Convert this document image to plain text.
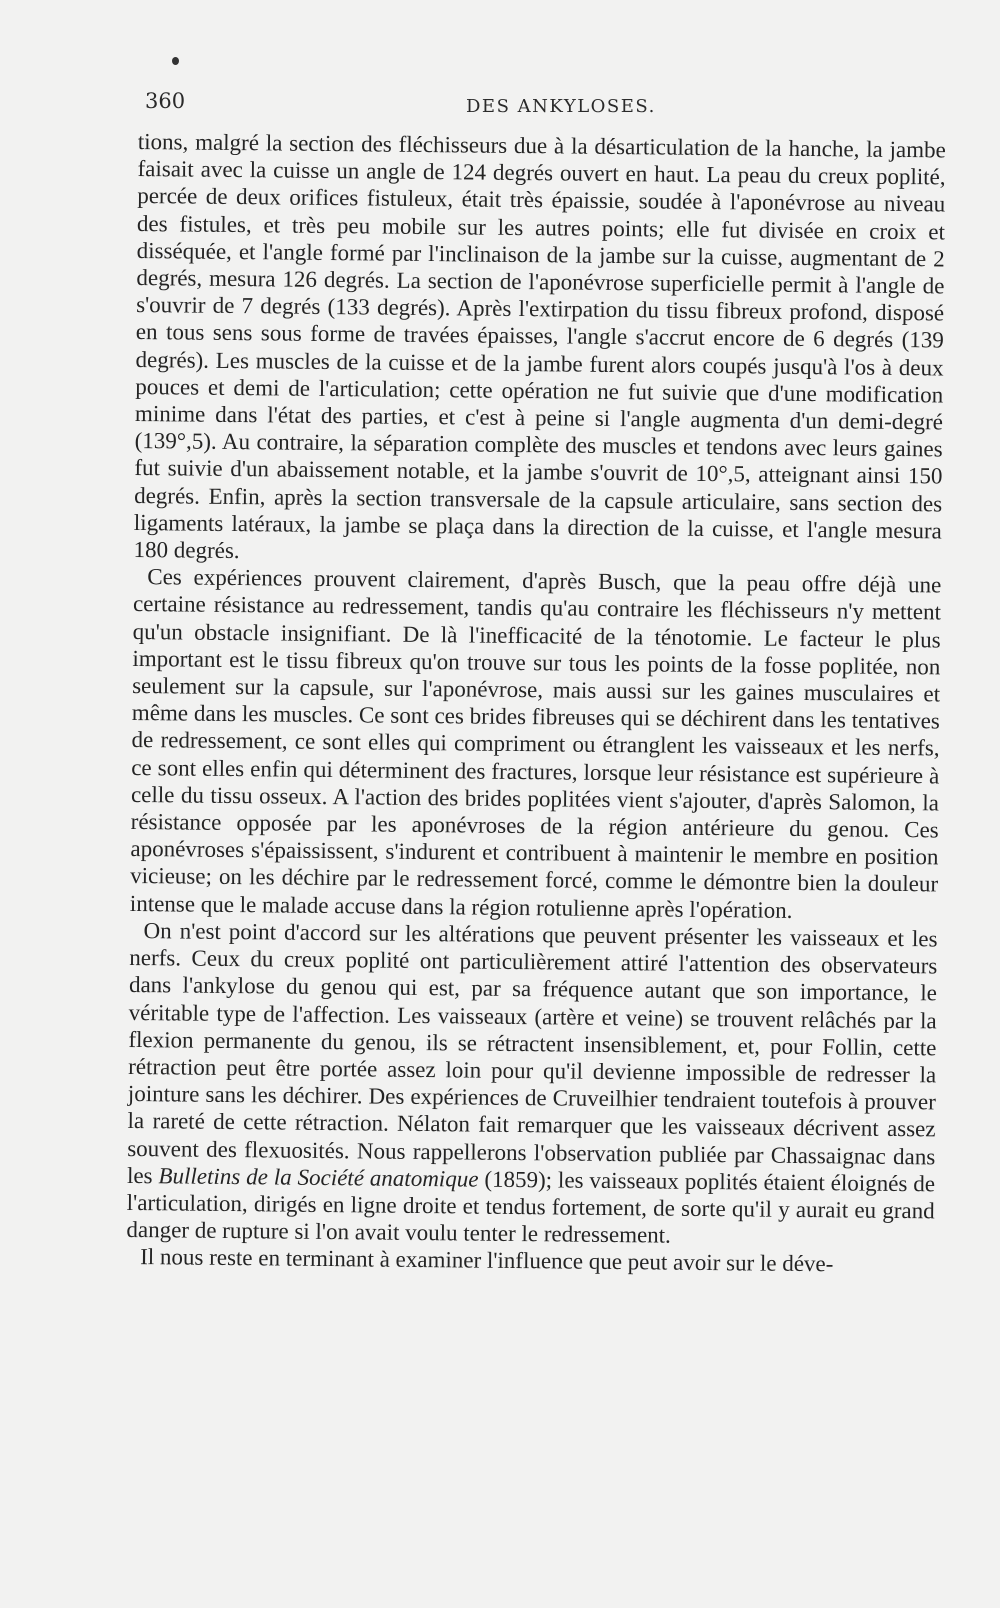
360	DES ANKYLOSES.

tions, malgré la section des fléchisseurs due à la désarticulation de la hanche, la jambe faisait avec la cuisse un angle de 124 degrés ouvert en haut. La peau du creux poplité, percée de deux orifices fistuleux, était très épaissie, soudée à l'aponévrose au niveau des fistules, et très peu mobile sur les autres points; elle fut divisée en croix et disséquée, et l'angle formé par l'inclinaison de la jambe sur la cuisse, augmentant de 2 degrés, mesura 126 degrés. La section de l'aponévrose superficielle permit à l'angle de s'ouvrir de 7 degrés (133 degrés). Après l'extirpation du tissu fibreux profond, disposé en tous sens sous forme de travées épaisses, l'angle s'accrut encore de 6 degrés (139 degrés). Les muscles de la cuisse et de la jambe furent alors coupés jusqu'à l'os à deux pouces et demi de l'articulation; cette opération ne fut suivie que d'une modification minime dans l'état des parties, et c'est à peine si l'angle augmenta d'un demi-degré (139°,5). Au contraire, la séparation complète des muscles et tendons avec leurs gaines fut suivie d'un abaissement notable, et la jambe s'ouvrit de 10°,5, atteignant ainsi 150 degrés. Enfin, après la section transversale de la capsule articulaire, sans section des ligaments latéraux, la jambe se plaça dans la direction de la cuisse, et l'angle mesura 180 degrés.

Ces expériences prouvent clairement, d'après Busch, que la peau offre déjà une certaine résistance au redressement, tandis qu'au contraire les fléchisseurs n'y mettent qu'un obstacle insignifiant. De là l'inefficacité de la ténotomie. Le facteur le plus important est le tissu fibreux qu'on trouve sur tous les points de la fosse poplitée, non seulement sur la capsule, sur l'aponévrose, mais aussi sur les gaines musculaires et même dans les muscles. Ce sont ces brides fibreuses qui se déchirent dans les tentatives de redressement, ce sont elles qui compriment ou étranglent les vaisseaux et les nerfs, ce sont elles enfin qui déterminent des fractures, lorsque leur résistance est supérieure à celle du tissu osseux. A l'action des brides poplitées vient s'ajouter, d'après Salomon, la résistance opposée par les aponévroses de la région antérieure du genou. Ces aponévroses s'épaississent, s'indurent et contribuent à maintenir le membre en position vicieuse; on les déchire par le redressement forcé, comme le démontre bien la douleur intense que le malade accuse dans la région rotulienne après l'opération.

On n'est point d'accord sur les altérations que peuvent présenter les vaisseaux et les nerfs. Ceux du creux poplité ont particulièrement attiré l'attention des observateurs dans l'ankylose du genou qui est, par sa fréquence autant que son importance, le véritable type de l'affection. Les vaisseaux (artère et veine) se trouvent relâchés par la flexion permanente du genou, ils se rétractent insensiblement, et, pour Follin, cette rétraction peut être portée assez loin pour qu'il devienne impossible de redresser la jointure sans les déchirer. Des expériences de Cruveilhier tendraient toutefois à prouver la rareté de cette rétraction. Nélaton fait remarquer que les vaisseaux décrivent assez souvent des flexuosités. Nous rappellerons l'observation publiée par Chassaignac dans les Bulletins de la Société anatomique (1859); les vaisseaux poplités étaient éloignés de l'articulation, dirigés en ligne droite et tendus fortement, de sorte qu'il y aurait eu grand danger de rupture si l'on avait voulu tenter le redressement.

Il nous reste en terminant à examiner l'influence que peut avoir sur le déve-
